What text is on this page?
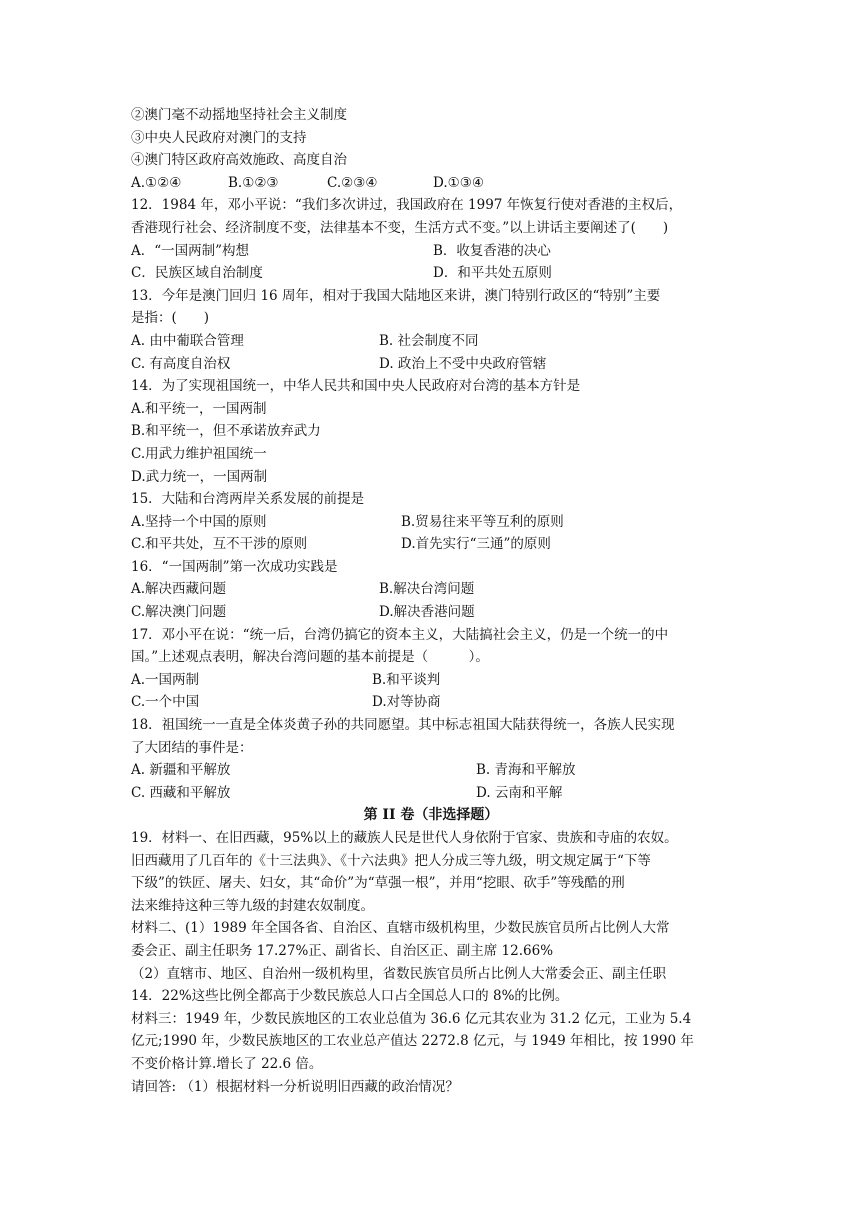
②澳门毫不动摇地坚持社会主义制度
③中央人民政府对澳门的支持
④澳门特区政府高效施政、高度自治
A.①②④	B.①②③	C.②③④	D.①③④
12．1984 年，邓小平说：“我们多次讲过，我国政府在 1997 年恢复行使对香港的主权后，
香港现行社会、经济制度不变，法律基本不变，生活方式不变。”以上讲话主要阐述了(　　)
A．“一国两制”构想	B．收复香港的决心
C．民族区域自治制度	D．和平共处五原则
13．今年是澳门回归 16 周年，相对于我国大陆地区来讲，澳门特别行政区的“特别”主要
是指：(　　)
A. 由中葡联合管理	B. 社会制度不同
C. 有高度自治权	D. 政治上不受中央政府管辖
14．为了实现祖国统一，中华人民共和国中央人民政府对台湾的基本方针是
A.和平统一，一国两制
B.和平统一，但不承诺放弃武力
C.用武力维护祖国统一
D.武力统一，一国两制
15．大陆和台湾两岸关系发展的前提是
A.坚持一个中国的原则	B.贸易往来平等互利的原则
C.和平共处，互不干涉的原则	D.首先实行“三通”的原则
16．“一国两制”第一次成功实践是
A.解决西藏问题	B.解决台湾问题
C.解决澳门问题	D.解决香港问题
17．邓小平在说：“统一后，台湾仍搞它的资本主义，大陆搞社会主义，仍是一个统一的中
国。”上述观点表明，解决台湾问题的基本前提是（　　　）。
A.一国两制	B.和平谈判
C.一个中国	D.对等协商
18．祖国统一一直是全体炎黄子孙的共同愿望。其中标志祖国大陆获得统一，各族人民实现
了大团结的事件是：
A. 新疆和平解放	B. 青海和平解放
C. 西藏和平解放	D. 云南和平解
第 II 卷（非选择题）
19．材料一、在旧西藏，95%以上的藏族人民是世代人身依附于官家、贵族和寺庙的农奴。
旧西藏用了几百年的《十三法典》、《十六法典》把人分成三等九级，明文规定属于“下等
下级”的铁匠、屠夫、妇女，其“命价”为“草强一根”，并用“挖眼、砍手”等残酷的刑
法来维持这种三等九级的封建农奴制度。
材料二、(1）1989 年全国各省、自治区、直辖市级机构里，少数民族官员所占比例人大常
委会正、副主任职务 17.27%正、副省长、自治区正、副主席 12.66%
（2）直辖市、地区、自治州一级机构里，省数民族官员所占比例人大常委会正、副主任职
14．22%这些比例全都高于少数民族总人口占全国总人口的 8%的比例。
材料三：1949 年，少数民族地区的工农业总值为 36.6 亿元其农业为 31.2 亿元，工业为 5.4
亿元;1990 年，少数民族地区的工农业总产值达 2272.8 亿元，与 1949 年相比，按 1990 年
不变价格计算.增长了 22.6 倍。
请回答: （1）根据材料一分析说明旧西藏的政治情况？
